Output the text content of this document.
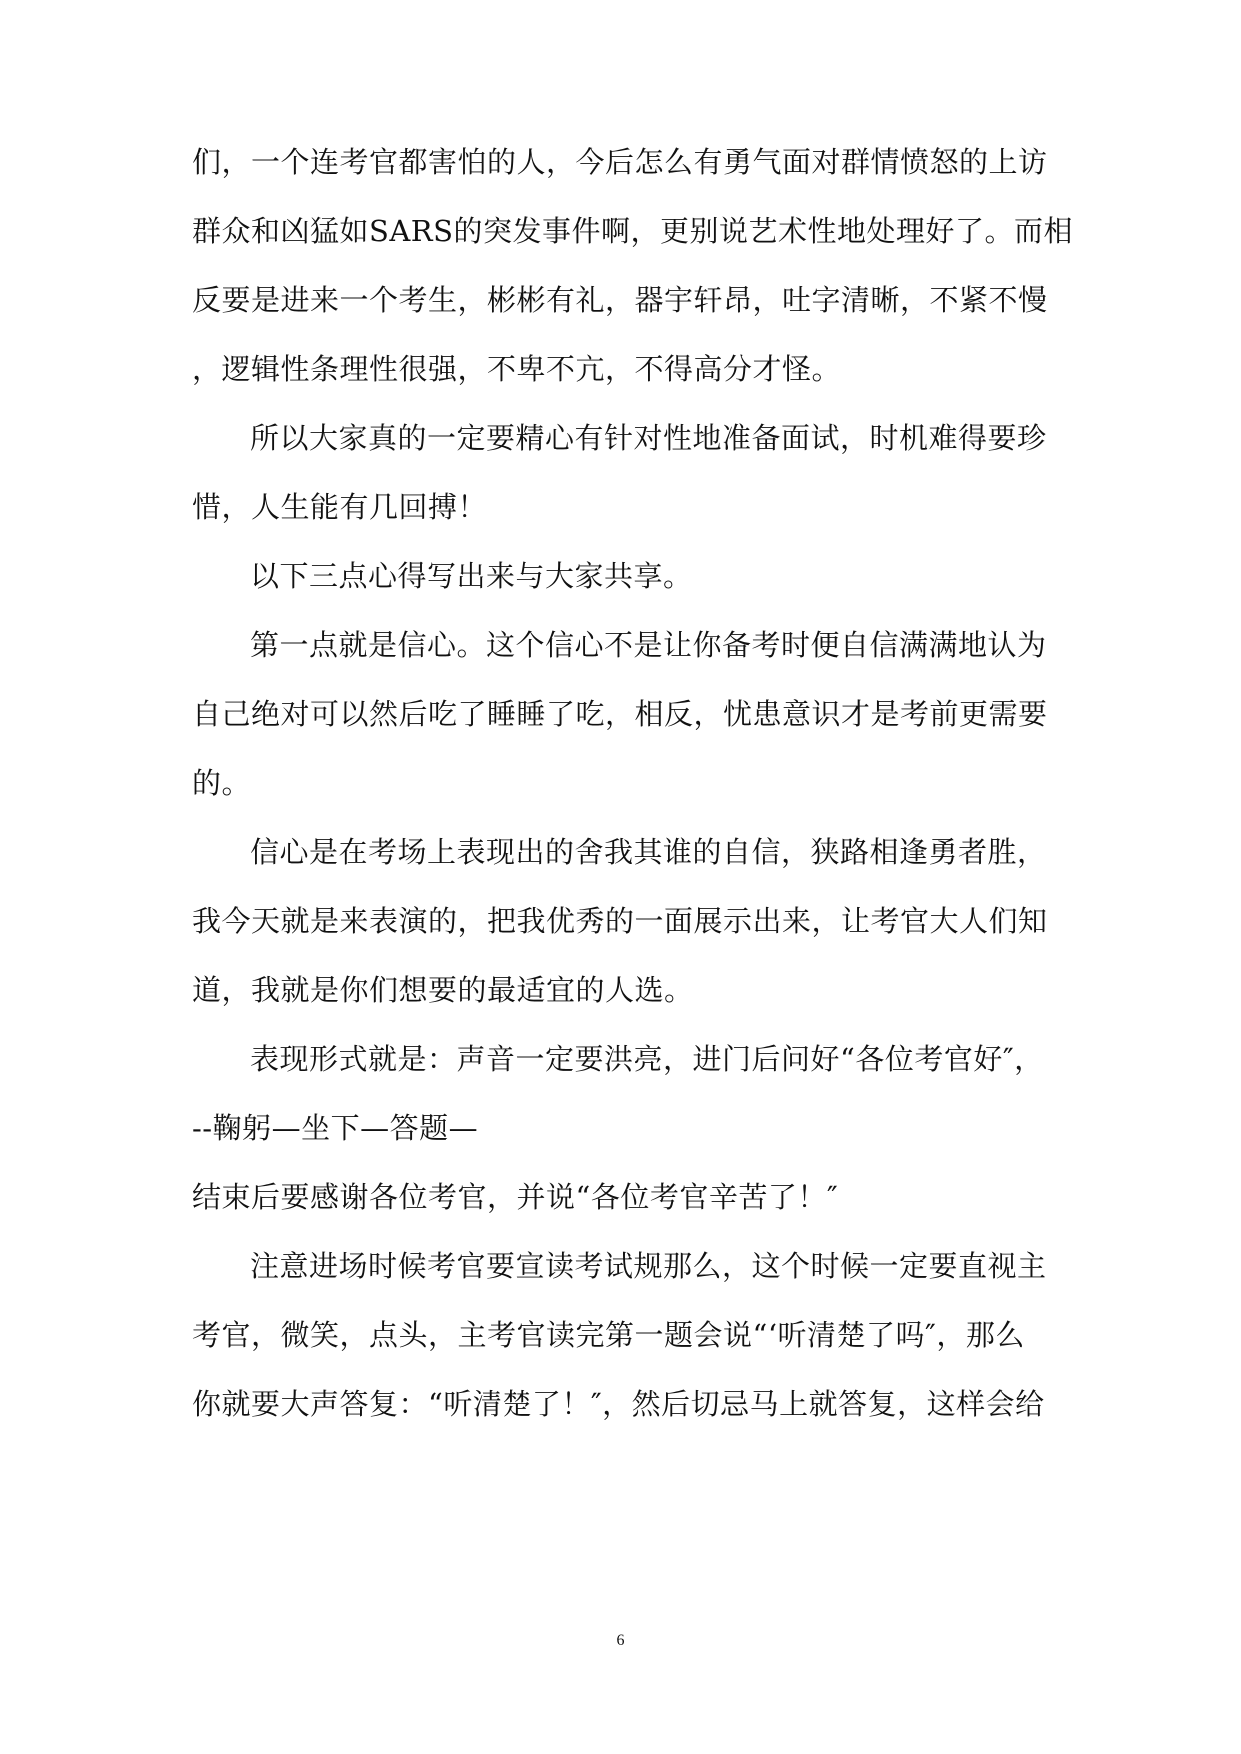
们，一个连考官都害怕的人，今后怎么有勇气面对群情愤怒的上访
群众和凶猛如SARS的突发事件啊，更别说艺术性地处理好了。而相
反要是进来一个考生，彬彬有礼，器宇轩昂，吐字清晰，不紧不慢
，逻辑性条理性很强，不卑不亢，不得高分才怪。
所以大家真的一定要精心有针对性地准备面试，时机难得要珍
惜，人生能有几回搏！
以下三点心得写出来与大家共享。
第一点就是信心。这个信心不是让你备考时便自信满满地认为
自己绝对可以然后吃了睡睡了吃，相反，忧患意识才是考前更需要
的。
信心是在考场上表现出的舍我其谁的自信，狭路相逢勇者胜，
我今天就是来表演的，把我优秀的一面展示出来，让考官大人们知
道，我就是你们想要的最适宜的人选。
表现形式就是：声音一定要洪亮，进门后问好“各位考官好″，
--鞠躬—坐下—答题—
结束后要感谢各位考官，并说“各位考官辛苦了！″
注意进场时候考官要宣读考试规那么，这个时候一定要直视主
考官，微笑，点头，主考官读完第一题会说“‘听清楚了吗″，那么
你就要大声答复：“听清楚了！″，然后切忌马上就答复，这样会给
6
